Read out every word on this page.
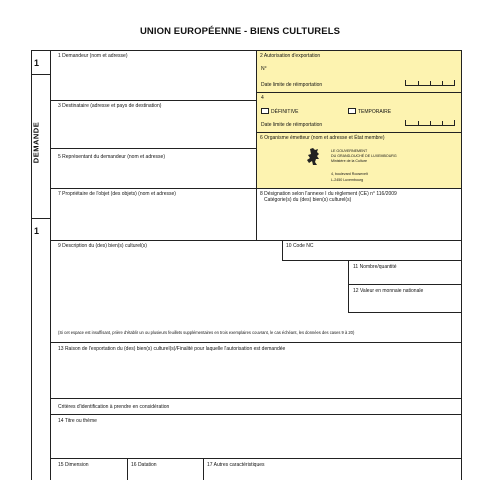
UNION EUROPÉENNE - BIENS CULTURELS
1
DEMANDE
1
1 Demandeur (nom et adresse)	2 Autorisation d'exportation
N°
Date limite de réimportation
3 Destinataire (adresse et pays de destination)
4
DÉFINITIVE	TEMPORAIRE
Date limite de réimportation
5 Représentant du demandeur (nom et adresse)
6 Organisme émetteur (nom et adresse et État membre)
LE GOUVERNEMENT
DU GRAND-DUCHÉ DE LUXEMBOURG
Ministère de la Culture
4, boulevard Roosevelt
L-2450 Luxembourg
7 Propriétaire de l'objet (des objets) (nom et adresse)	8 Désignation selon l'annexe I du règlement (CE) n° 116/2009
Catégorie(s) du (des) bien(s) culturel(s)
9 Description du (des) bien(s) culturel(s)	10 Code NC
11 Nombre/quantité
12 Valeur en monnaie nationale
(Si cet espace est insuffisant, prière d'établir un ou plusieurs feuillets supplémentaires en trois exemplaires couvrant, le cas échéant, les données des cases 9 à 20)
13 Raison de l'exportation du (des) bien(s) culturel(s)/Finalité pour laquelle l'autorisation est demandée
Critères d'identification à prendre en considération
14 Titre ou thème
15 Dimension	16 Datation	17 Autres caractéristiques
